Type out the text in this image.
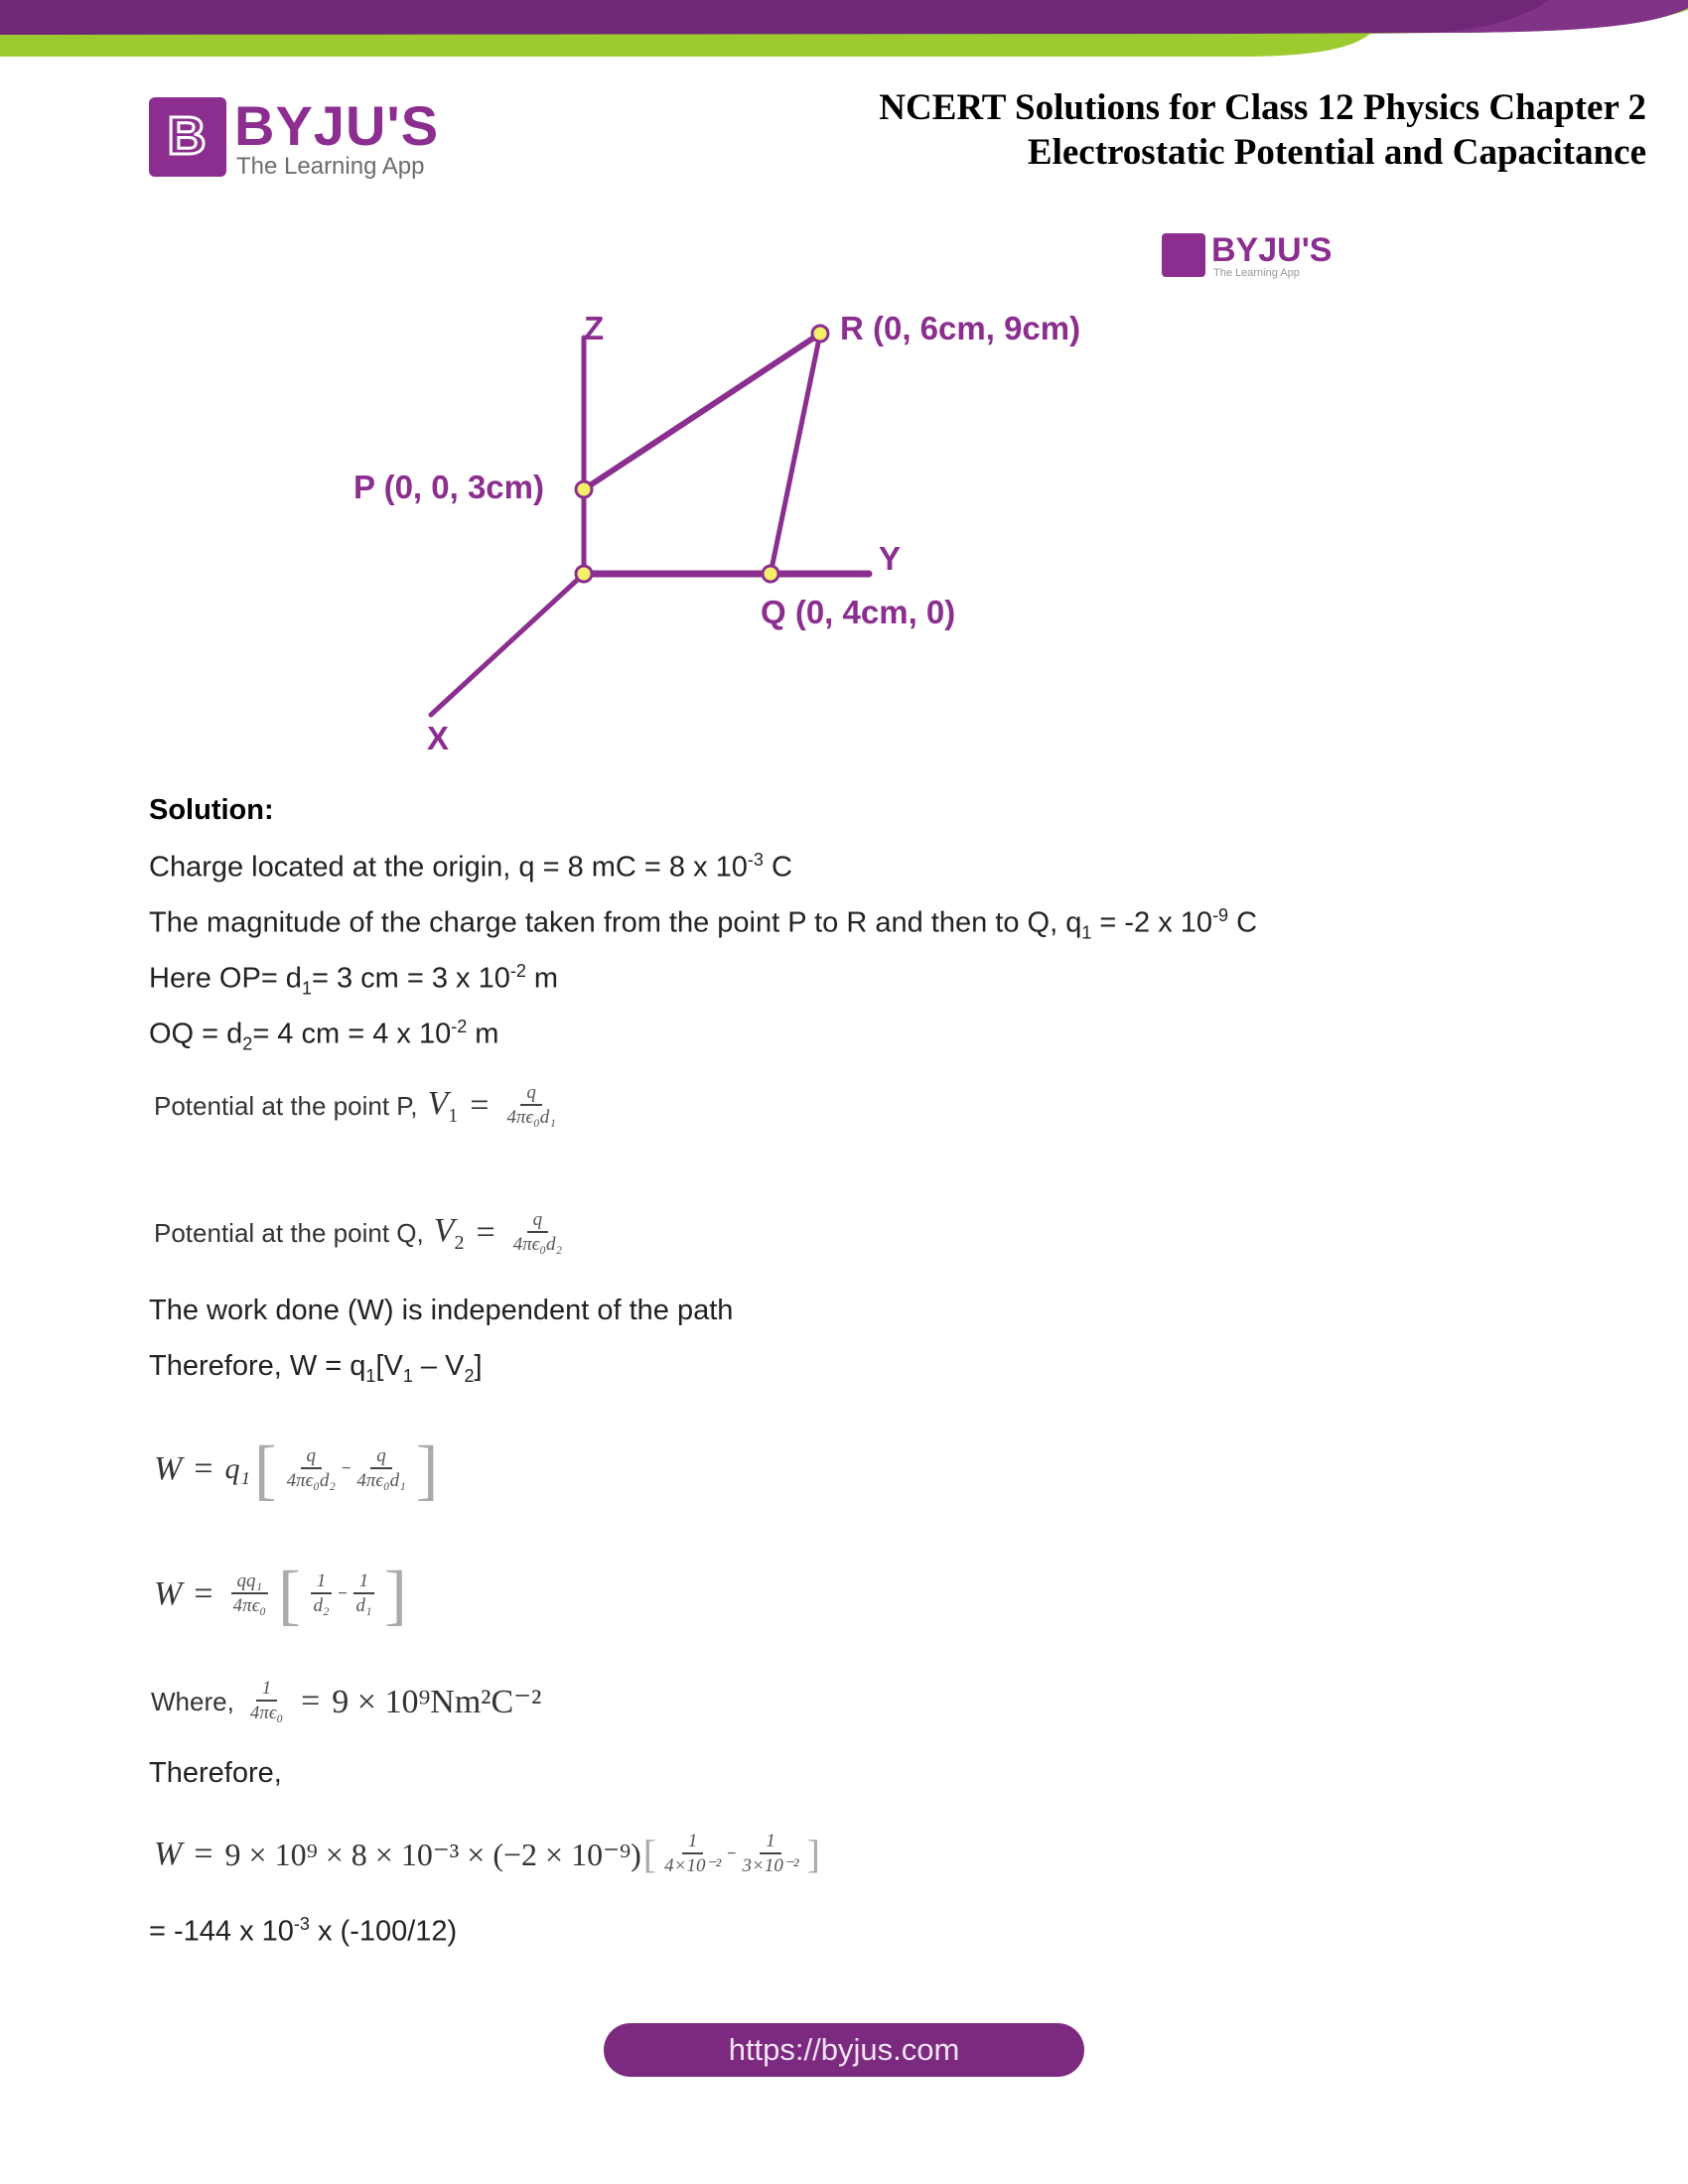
B BYJU'S
The Learning App
NCERT Solutions for Class 12 Physics Chapter 2
Electrostatic Potential and Capacitance
BYJU'S
The Learning App
Z
Y
X
R (0, 6cm, 9cm)
P (0, 0, 3cm)
Q (0, 4cm, 0)
Solution:
Charge located at the origin, q = 8 mC = 8 x $10^{-3}$ C
The magnitude of the charge taken from the point P to R and then to Q, $q_1 = -2$ x $10^{-9}$ C
Here $OP= d_1= 3$ cm = 3 x $10^{-2}$ m
OQ = $d_2= 4$ cm = 4 x $10^{-2}$ m
Potential at the point P, $V_1 = \frac{q}{\text{4πϵ₀d₁}}$
Potential at the point Q, $V_2 = \frac{q}{\text{4πϵ₀d₂}}$
The work done (W) is independent of the path
Therefore, $W = q_1[V_1 - V_2]$
W = q₁ [ $\frac{q}{\text{4πϵ₀d₂}} - \frac{q}{\text{4πϵ₀d₁}}$ ]
$W = \frac{\text{qq₁}}{\text{4πϵ₀}}$ [ $\frac{1}{\text{d₂}} - \frac{1}{\text{d₁}}$ ]
Where, $\frac{1}{\text{4πϵ₀}} = 9 \times 10^9Nm^2C^{-2}$
Therefore,
W = 9 × 10⁹ × 8 × 10⁻³ × (−2 × 10⁻⁹) [ $\frac{1}{\text{4×10⁻²}} - \frac{1}{\text{3×10⁻²}}$ ]
= -144 x $10^{-3}$ x (-100/12)
https://byjus.com
